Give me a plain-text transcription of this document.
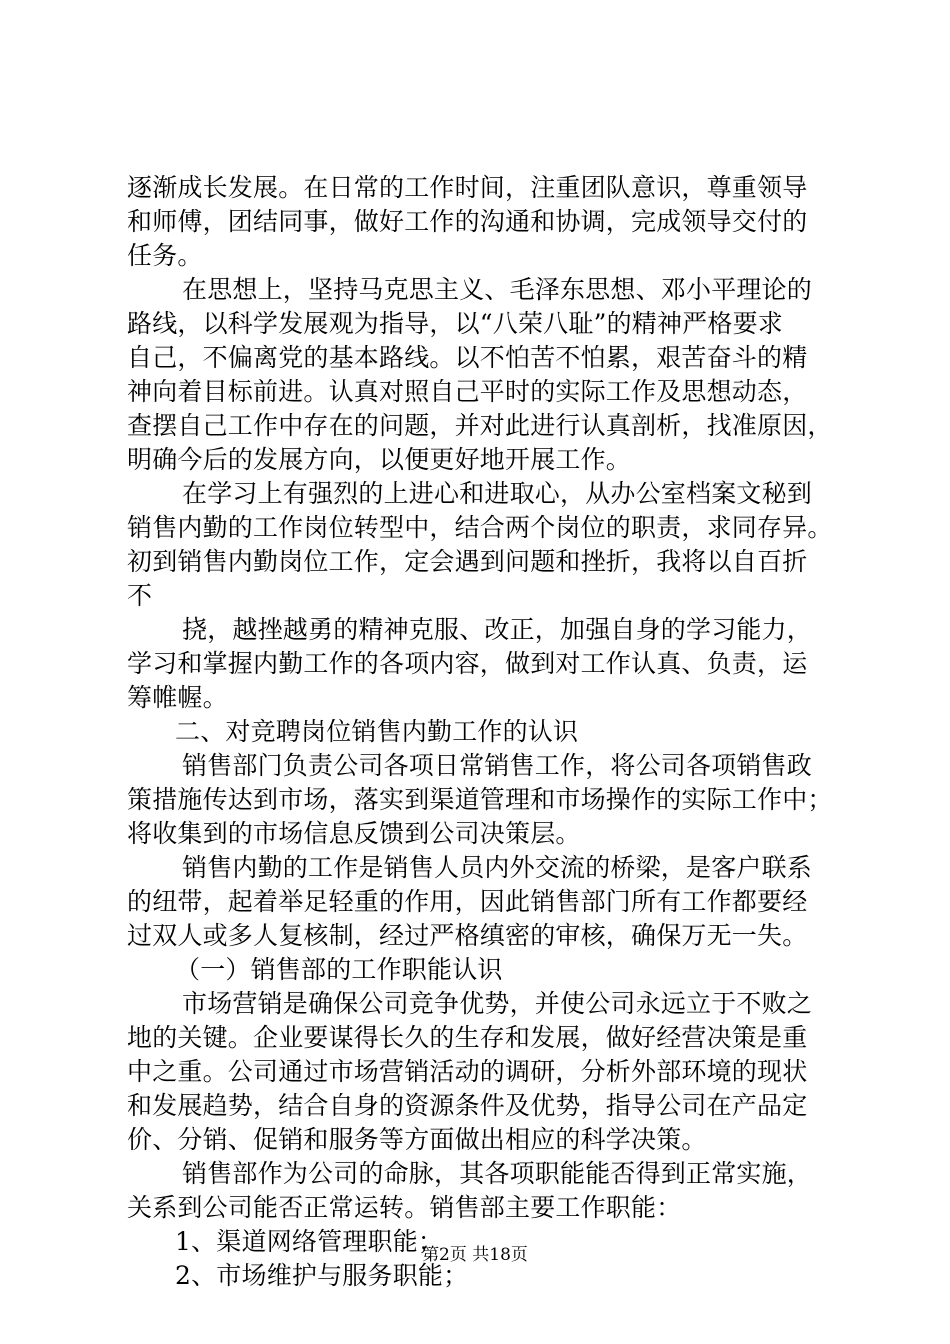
逐渐成长发展。在日常的工作时间，注重团队意识，尊重领导
和师傅，团结同事，做好工作的沟通和协调，完成领导交付的
任务。
在思想上，坚持马克思主义、毛泽东思想、邓小平理论的
路线，以科学发展观为指导，以“八荣八耻”的精神严格要求
自己，不偏离党的基本路线。以不怕苦不怕累，艰苦奋斗的精
神向着目标前进。认真对照自己平时的实际工作及思想动态，
查摆自己工作中存在的问题，并对此进行认真剖析，找准原因，
明确今后的发展方向，以便更好地开展工作。
在学习上有强烈的上进心和进取心，从办公室档案文秘到
销售内勤的工作岗位转型中，结合两个岗位的职责，求同存异。
初到销售内勤岗位工作，定会遇到问题和挫折，我将以自百折
不
挠，越挫越勇的精神克服、改正，加强自身的学习能力，
学习和掌握内勤工作的各项内容，做到对工作认真、负责，运
筹帷幄。
二、对竞聘岗位销售内勤工作的认识
销售部门负责公司各项日常销售工作，将公司各项销售政
策措施传达到市场，落实到渠道管理和市场操作的实际工作中；
将收集到的市场信息反馈到公司决策层。
销售内勤的工作是销售人员内外交流的桥梁，是客户联系
的纽带，起着举足轻重的作用，因此销售部门所有工作都要经
过双人或多人复核制，经过严格缜密的审核，确保万无一失。
（一）销售部的工作职能认识
市场营销是确保公司竞争优势，并使公司永远立于不败之
地的关键。企业要谋得长久的生存和发展，做好经营决策是重
中之重。公司通过市场营销活动的调研，分析外部环境的现状
和发展趋势，结合自身的资源条件及优势，指导公司在产品定
价、分销、促销和服务等方面做出相应的科学决策。
销售部作为公司的命脉，其各项职能能否得到正常实施，
关系到公司能否正常运转。销售部主要工作职能：
1、渠道网络管理职能；
2、市场维护与服务职能；
第2页 共18页
